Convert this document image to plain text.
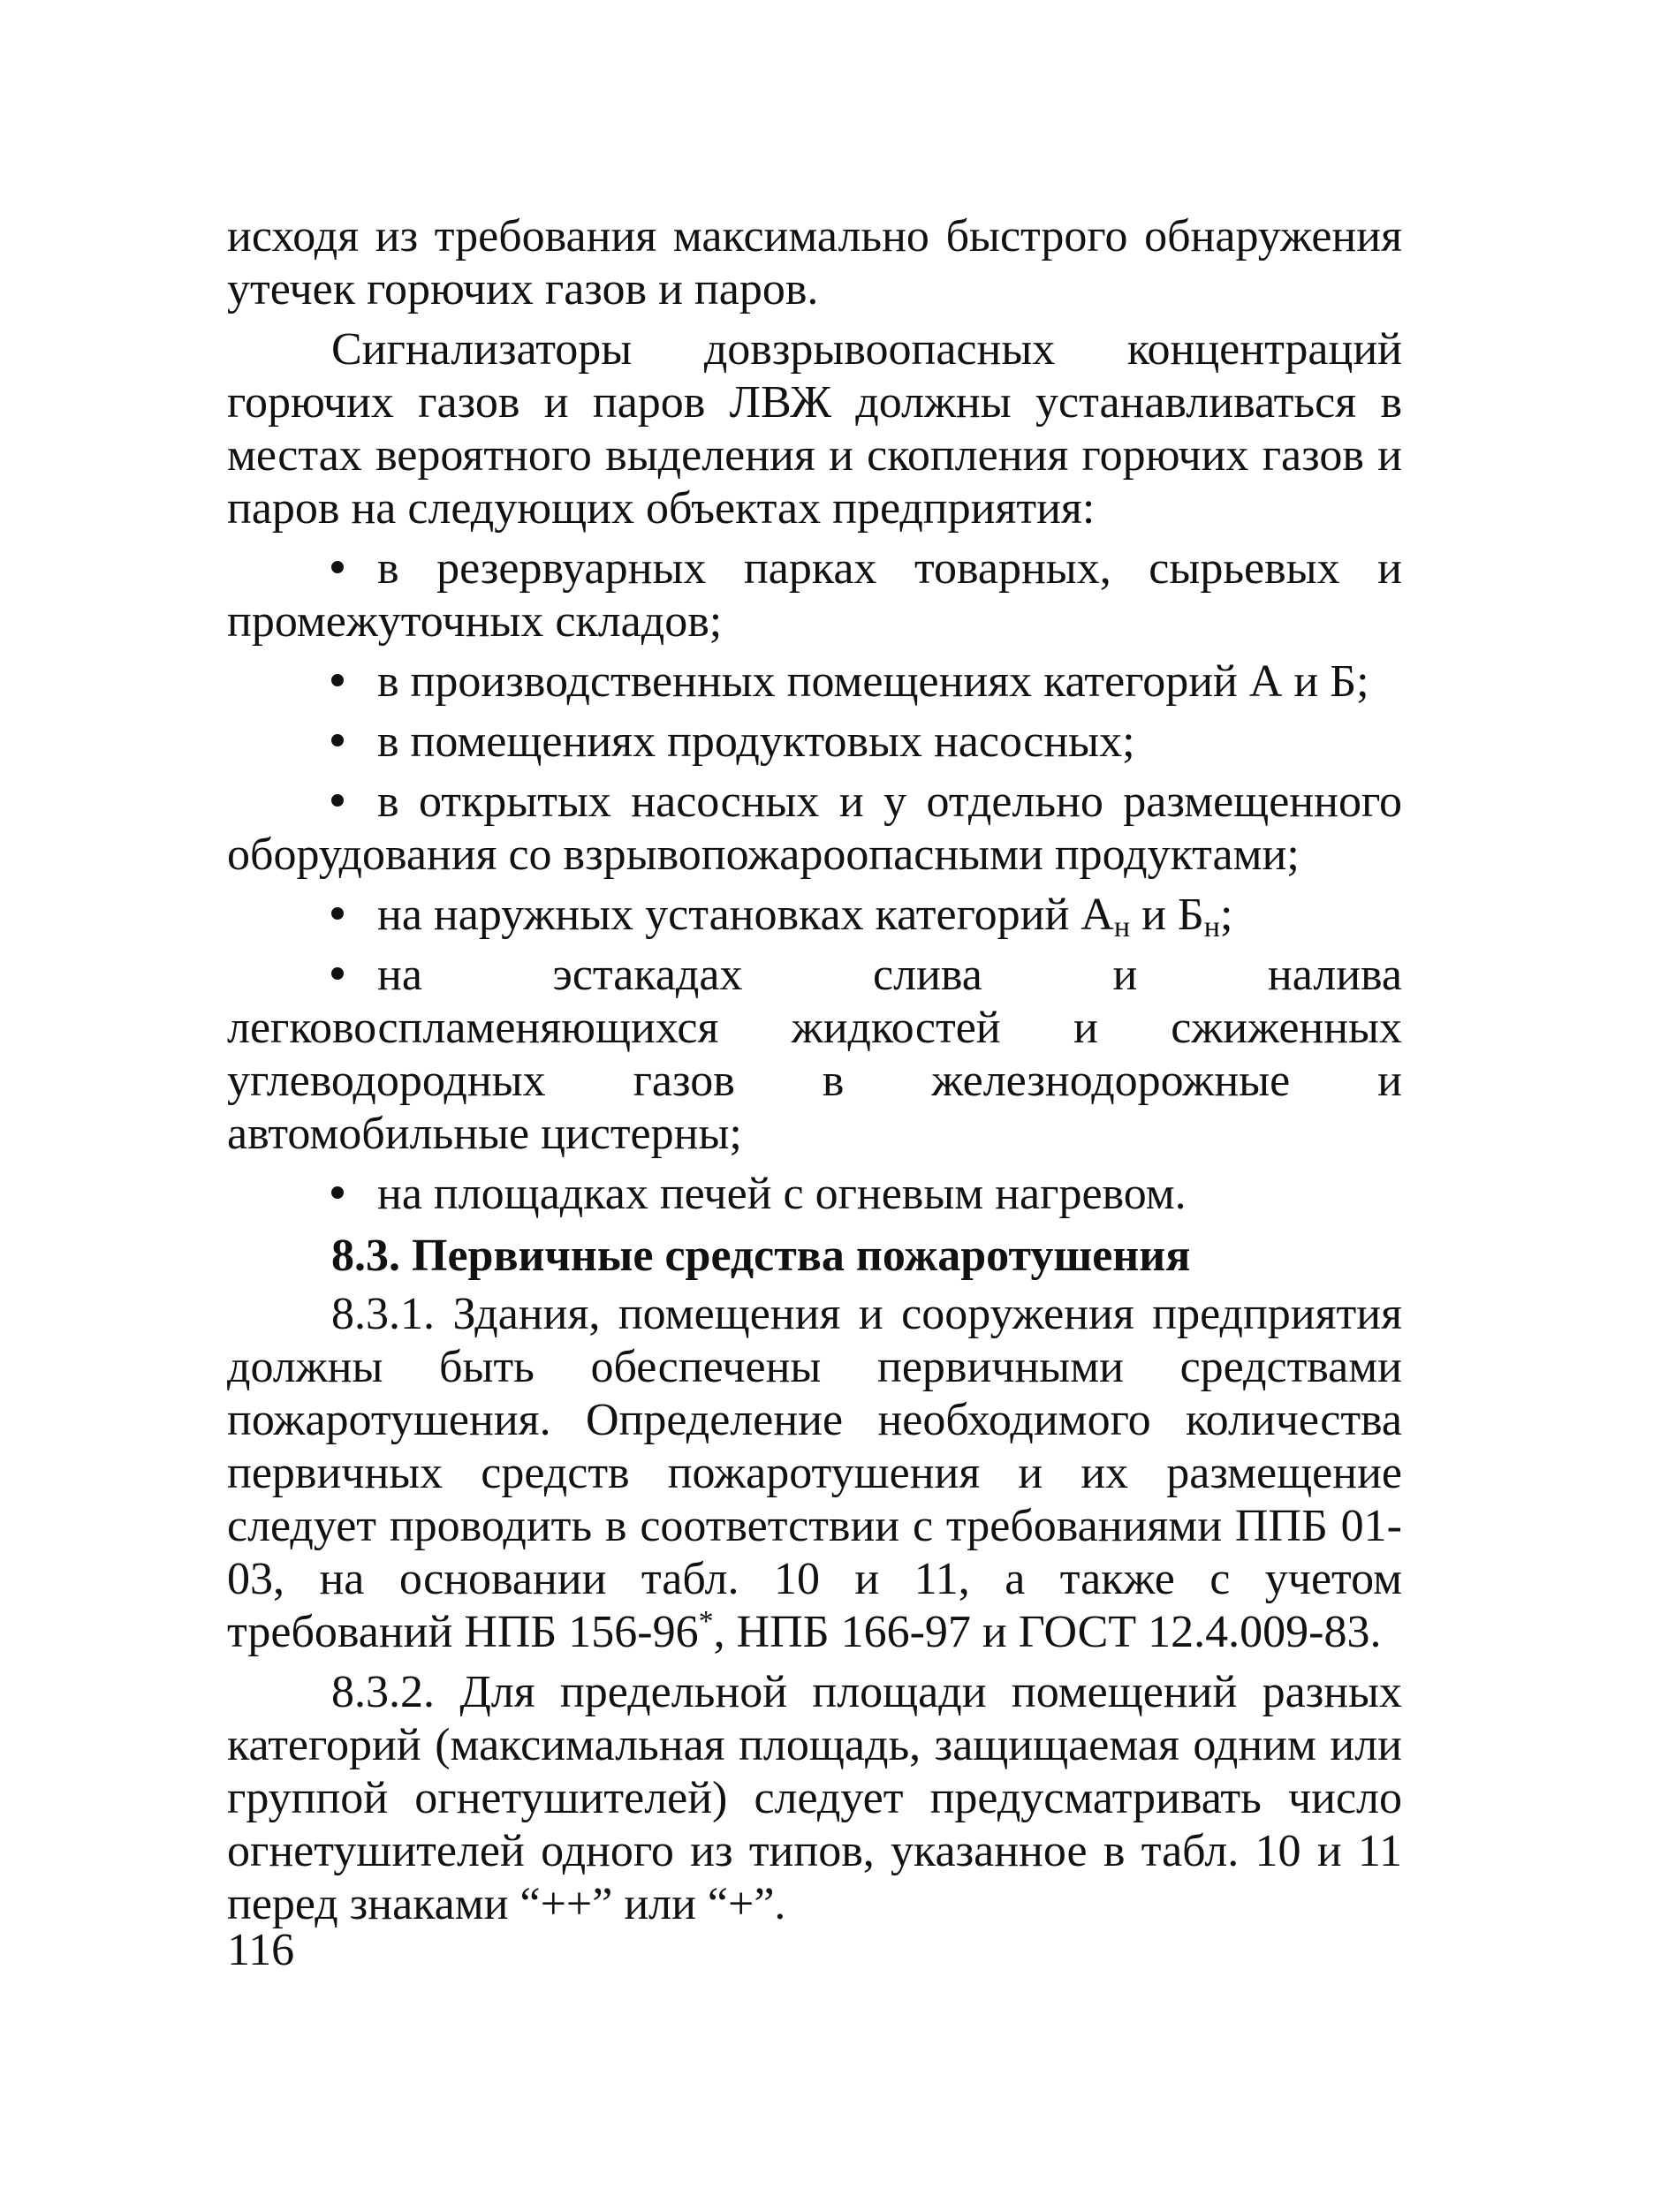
исходя из требования максимально быстрого обнаружения утечек горючих газов и паров.

Сигнализаторы довзрывоопасных концентраций горючих газов и паров ЛВЖ должны устанавливаться в местах вероятного выделения и скопления горючих газов и паров на следующих объектах предприятия:

в резервуарных парках товарных, сырьевых и промежуточных складов;

в производственных помещениях категорий А и Б;

в помещениях продуктовых насосных;

в открытых насосных и у отдельно размещенного оборудования со взрывопожароопасными продуктами;

на наружных установках категорий $А_н$ и $Б_н$;

на эстакадах слива и налива легковоспламеняющихся жидкостей и сжиженных углеводородных газов в железнодорожные и автомобильные цистерны;

на площадках печей с огневым нагревом.

8.3. Первичные средства пожаротушения

8.3.1. Здания, помещения и сооружения предприятия должны быть обеспечены первичными средствами пожаротушения. Определение необходимого количества первичных средств пожаротушения и их размещение следует проводить в соответствии с требованиями ППБ 01-03, на основании табл. 10 и 11, а также с учетом требований НПБ 156-96*, НПБ 166-97 и ГОСТ 12.4.009-83.

8.3.2. Для предельной площади помещений разных категорий (максимальная площадь, защищаемая одним или группой огнетушителей) следует предусматривать число огнетушителей одного из типов, указанное в табл. 10 и 11 перед знаками “++” или “+”.

116
